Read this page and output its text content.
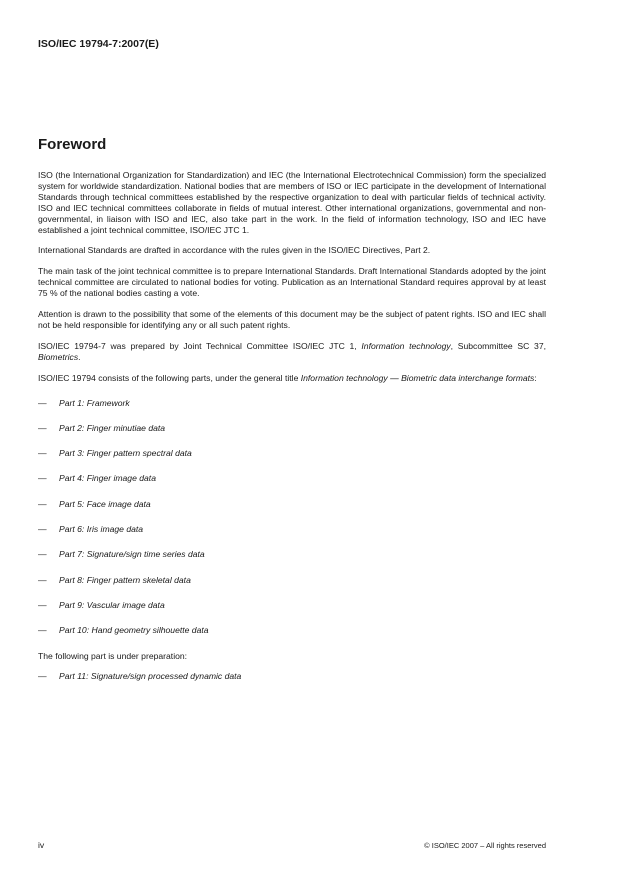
ISO/IEC 19794-7:2007(E)
Foreword

ISO (the International Organization for Standardization) and IEC (the International Electrotechnical Commission) form the specialized system for worldwide standardization. National bodies that are members of ISO or IEC participate in the development of International Standards through technical committees established by the respective organization to deal with particular fields of technical activity. ISO and IEC technical committees collaborate in fields of mutual interest. Other international organizations, governmental and non-governmental, in liaison with ISO and IEC, also take part in the work. In the field of information technology, ISO and IEC have established a joint technical committee, ISO/IEC JTC 1.

International Standards are drafted in accordance with the rules given in the ISO/IEC Directives, Part 2.

The main task of the joint technical committee is to prepare International Standards. Draft International Standards adopted by the joint technical committee are circulated to national bodies for voting. Publication as an International Standard requires approval by at least 75 % of the national bodies casting a vote.

Attention is drawn to the possibility that some of the elements of this document may be the subject of patent rights. ISO and IEC shall not be held responsible for identifying any or all such patent rights.

ISO/IEC 19794-7 was prepared by Joint Technical Committee ISO/IEC JTC 1, Information technology, Subcommittee SC 37, Biometrics.

ISO/IEC 19794 consists of the following parts, under the general title Information technology — Biometric data interchange formats:

—	Part 1: Framework
—	Part 2: Finger minutiae data
—	Part 3: Finger pattern spectral data
—	Part 4: Finger image data
—	Part 5: Face image data
—	Part 6: Iris image data
—	Part 7: Signature/sign time series data
—	Part 8: Finger pattern skeletal data
—	Part 9: Vascular image data
—	Part 10: Hand geometry silhouette data

The following part is under preparation:

—	Part 11: Signature/sign processed dynamic data
iv	© ISO/IEC 2007 – All rights reserved
